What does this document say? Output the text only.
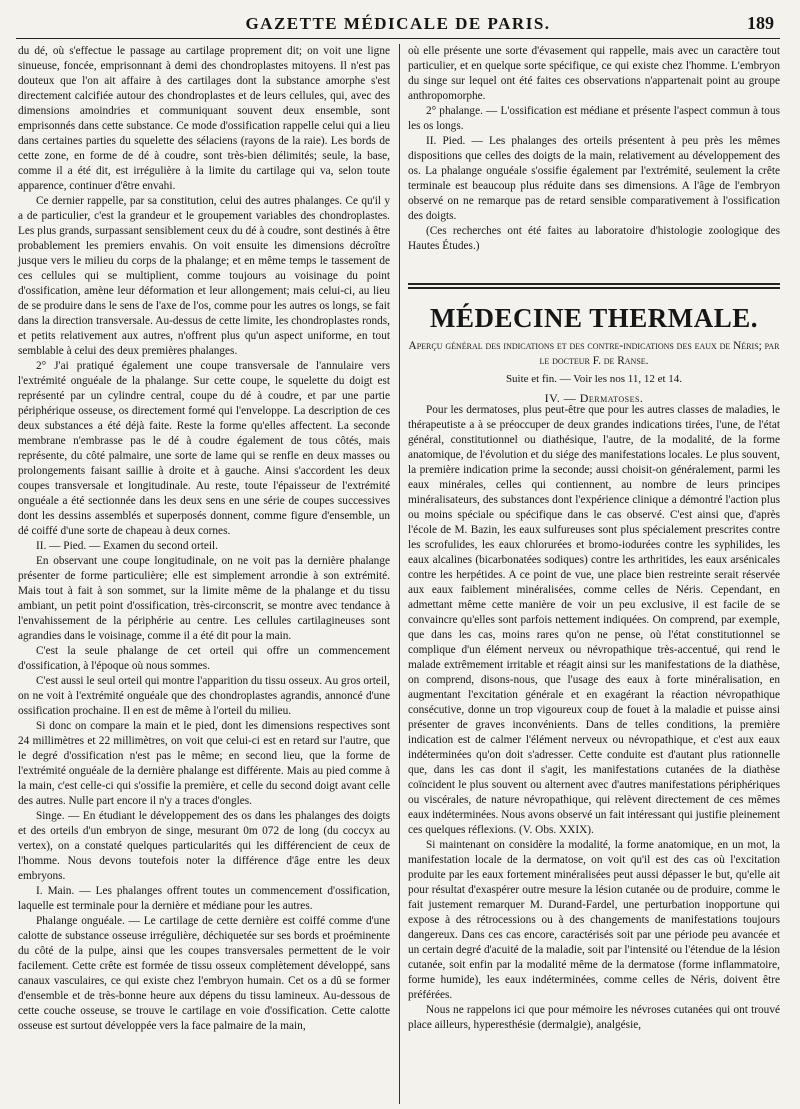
GAZETTE MÉDICALE DE PARIS.	189

du dé, où s'effectue le passage au cartilage proprement dit; on voit une ligne sinueuse, foncée, emprisonnant à demi des chondroplastes mitoyens. Il n'est pas douteux que l'on ait affaire à des cartilages dont la substance amorphe s'est directement calcifiée autour des chondroplastes et de leurs cellules, qui, avec des dimensions amoindries et communiquant souvent deux ensemble, sont emprisonnés dans cette substance. Ce mode d'ossification rappelle celui qui a lieu dans certaines parties du squelette des sélaciens (rayons de la raie). Les bords de cette zone, en forme de dé à coudre, sont très-bien délimités; seule, la base, comme il a été dit, est irrégulière à la limite du cartilage qui va, selon toute apparence, continuer d'être envahi.

Ce dernier rappelle, par sa constitution, celui des autres phalanges. Ce qu'il y a de particulier, c'est la grandeur et le groupement variables des chondroplastes. Les plus grands, surpassant sensiblement ceux du dé à coudre, sont destinés à être probablement les premiers envahis. On voit ensuite les dimensions décroître jusque vers le milieu du corps de la phalange; et en même temps le tassement de ces cellules qui se multiplient, comme toujours au voisinage du point d'ossification, amène leur déformation et leur allongement; mais celui-ci, au lieu de se produire dans le sens de l'axe de l'os, comme pour les autres os longs, se fait dans la direction transversale. Au-dessus de cette limite, les chondroplastes ronds, et petits relativement aux autres, n'offrent plus qu'un aspect uniforme, en tout semblable à celui des deux premières phalanges.

2° J'ai pratiqué également une coupe transversale de l'annulaire vers l'extrémité onguéale de la phalange. Sur cette coupe, le squelette du doigt est représenté par un cylindre central, coupe du dé à coudre, et par une partie périphérique osseuse, os directement formé qui l'enveloppe. La description de ces deux substances a été déjà faite. Reste la forme qu'elles affectent. La seconde membrane n'embrasse pas le dé à coudre également de tous côtés, mais représente, du côté palmaire, une sorte de lame qui se renfle en deux masses ou prolongements faisant saillie à droite et à gauche. Ainsi s'accordent les deux coupes transversale et longitudinale. Au reste, toute l'épaisseur de l'extrémité onguéale a été sectionnée dans les deux sens en une série de coupes successives dont les dessins assemblés et superposés donnent, comme figure d'ensemble, un dé coiffé d'une sorte de chapeau à deux cornes.

II. — Pied. — Examen du second orteil.

En observant une coupe longitudinale, on ne voit pas la dernière phalange présenter de forme particulière; elle est simplement arrondie à son extrémité. Mais tout à fait à son sommet, sur la limite même de la phalange et du tissu ambiant, un petit point d'ossification, très-circonscrit, se montre avec tendance à l'envahissement de la périphérie au centre. Les cellules cartilagineuses sont agrandies dans le voisinage, comme il a été dit pour la main.

C'est la seule phalange de cet orteil qui offre un commencement d'ossification, à l'époque où nous sommes.

C'est aussi le seul orteil qui montre l'apparition du tissu osseux. Au gros orteil, on ne voit à l'extrémité onguéale que des chondroplastes agrandis, annoncé d'une ossification prochaine. Il en est de même à l'orteil du milieu.

Si donc on compare la main et le pied, dont les dimensions respectives sont 24 millimètres et 22 millimètres, on voit que celui-ci est en retard sur l'autre, que le degré d'ossification n'est pas le même; en second lieu, que la forme de l'extrémité onguéale de la dernière phalange est différente. Mais au pied comme à la main, c'est celle-ci qui s'ossifie la première, et celle du second doigt avant celle des autres. Nulle part encore il n'y a traces d'ongles.

Singe. — En étudiant le développement des os dans les phalanges des doigts et des orteils d'un embryon de singe, mesurant 0m 072 de long (du coccyx au vertex), on a constaté quelques particularités qui les différencient de ceux de l'homme. Nous devons toutefois noter la différence d'âge entre les deux embryons.

I. Main. — Les phalanges offrent toutes un commencement d'ossification, laquelle est terminale pour la dernière et médiane pour les autres.

Phalange onguéale. — Le cartilage de cette dernière est coiffé comme d'une calotte de substance osseuse irrégulière, déchiquetée sur ses bords et proéminente du côté de la pulpe, ainsi que les coupes transversales permettent de le voir facilement. Cette crête est formée de tissu osseux complètement développé, sans canaux vasculaires, ce qui existe chez l'embryon humain. Cet os a dû se former d'ensemble et de très-bonne heure aux dépens du tissu lamineux. Au-dessous de cette couche osseuse, se trouve le cartilage en voie d'ossification. Cette calotte osseuse est surtout développée vers la face palmaire de la main,

où elle présente une sorte d'évasement qui rappelle, mais avec un caractère tout particulier, et en quelque sorte spécifique, ce qui existe chez l'homme. L'embryon du singe sur lequel ont été faites ces observations n'appartenait point au groupe anthropomorphe.

2° phalange. — L'ossification est médiane et présente l'aspect commun à tous les os longs.

II. Pied. — Les phalanges des orteils présentent à peu près les mêmes dispositions que celles des doigts de la main, relativement au développement des os. La phalange onguéale s'ossifie également par l'extrémité, seulement la crête terminale est beaucoup plus réduite dans ses dimensions. A l'âge de l'embryon observé on ne remarque pas de retard sensible comparativement à l'ossification des doigts.

(Ces recherches ont été faites au laboratoire d'histologie zoologique des Hautes Études.)

MÉDECINE THERMALE.
Aperçu général des indications et des contre-indications des eaux de Néris; par le docteur F. de Ranse.
Suite et fin. — Voir les nos 11, 12 et 14.
IV. — Dermatoses.

Pour les dermatoses, plus peut-être que pour les autres classes de maladies, le thérapeutiste a à se préoccuper de deux grandes indications tirées, l'une, de l'état général, constitutionnel ou diathésique, l'autre, de la modalité, de la forme anatomique, de l'évolution et du siége des manifestations locales. Le plus souvent, la première indication prime la seconde; aussi choisit-on généralement, parmi les eaux minérales, celles qui contiennent, au nombre de leurs principes minéralisateurs, des substances dont l'expérience clinique a démontré l'action plus ou moins spéciale ou spécifique dans le cas observé. C'est ainsi que, d'après l'école de M. Bazin, les eaux sulfureuses sont plus spécialement prescrites contre les scrofulides, les eaux chlorurées et bromo-iodurées contre les syphilides, les eaux alcalines (bicarbonatées sodiques) contre les arthritides, les eaux arsénicales contre les herpétides. A ce point de vue, une place bien restreinte serait réservée aux eaux faiblement minéralisées, comme celles de Néris. Cependant, en admettant même cette manière de voir un peu exclusive, il est facile de se convaincre qu'elles sont parfois nettement indiquées. On comprend, par exemple, que dans les cas, moins rares qu'on ne pense, où l'état constitutionnel se complique d'un élément nerveux ou névropathique très-accentué, qui rend le malade extrêmement irritable et réagit ainsi sur les manifestations de la diathèse, on comprend, disons-nous, que l'usage des eaux à forte minéralisation, en augmentant l'excitation générale et en exagérant la réaction névropathique consécutive, donne un trop vigoureux coup de fouet à la maladie et puisse ainsi présenter de graves inconvénients. Dans de telles conditions, la première indication est de calmer l'élément nerveux ou névropathique, et c'est aux eaux indéterminées qu'on doit s'adresser. Cette conduite est d'autant plus rationnelle que, dans les cas dont il s'agit, les manifestations cutanées de la diathèse coïncident le plus souvent ou alternent avec d'autres manifestations périphériques ou viscérales, de nature névropathique, qui relèvent directement de ces mêmes eaux indéterminées. Nous avons observé un fait intéressant qui justifie pleinement ces quelques réflexions. (V. Obs. XXIX).

Si maintenant on considère la modalité, la forme anatomique, en un mot, la manifestation locale de la dermatose, on voit qu'il est des cas où l'excitation produite par les eaux fortement minéralisées peut aussi dépasser le but, qu'elle ait pour résultat d'exaspérer outre mesure la lésion cutanée ou de produire, comme le fait justement remarquer M. Durand-Fardel, une perturbation inopportune qui expose à des rétrocessions ou à des changements de manifestations toujours dangereux. Dans ces cas encore, caractérisés soit par une période peu avancée et un certain degré d'acuité de la maladie, soit par l'intensité ou l'étendue de la lésion cutanée, soit enfin par la modalité même de la dermatose (forme inflammatoire, forme humide), les eaux indéterminées, comme celles de Néris, doivent être préférées.

Nous ne rappelons ici que pour mémoire les névroses cutanées qui ont trouvé place ailleurs, hyperesthésie (dermalgie), analgésie,
